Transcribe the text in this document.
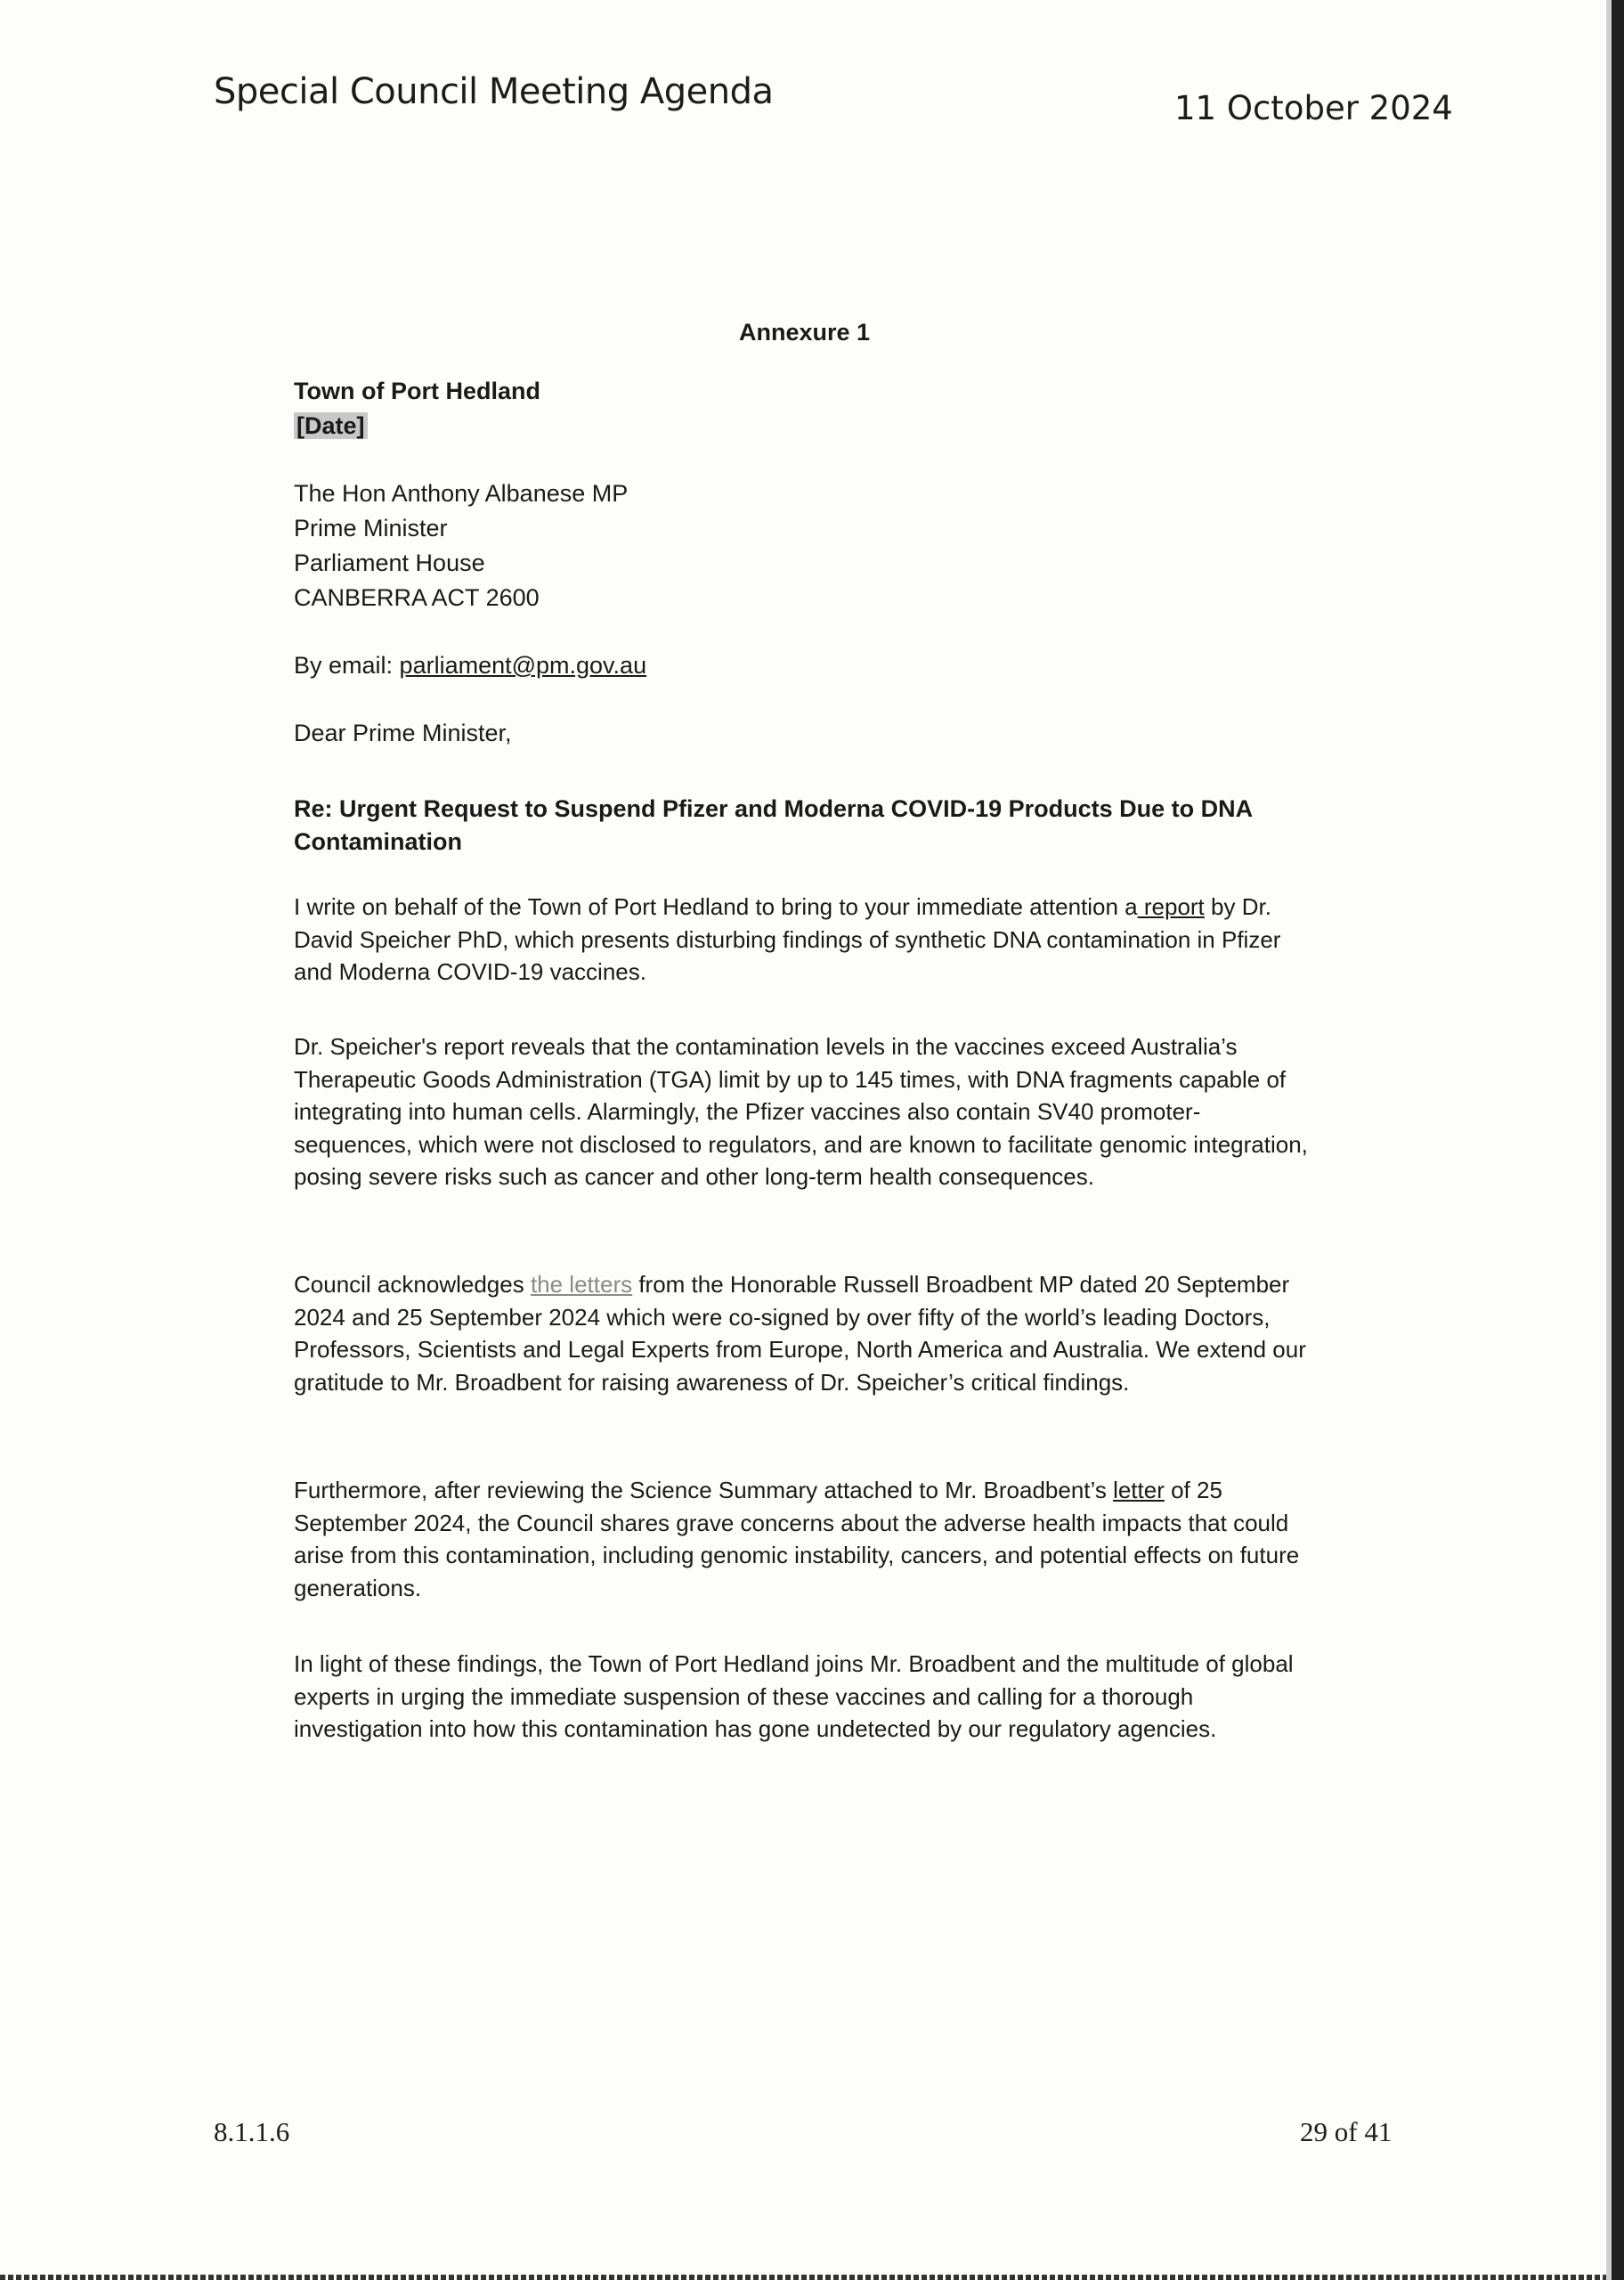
Special Council Meeting Agenda	11 October 2024
Annexure 1
Town of Port Hedland
[Date]
The Hon Anthony Albanese MP
Prime Minister
Parliament House
CANBERRA ACT 2600
By email: parliament@pm.gov.au
Dear Prime Minister,
Re: Urgent Request to Suspend Pfizer and Moderna COVID-19 Products Due to DNA Contamination

I write on behalf of the Town of Port Hedland to bring to your immediate attention a report by Dr. David Speicher PhD, which presents disturbing findings of synthetic DNA contamination in Pfizer and Moderna COVID-19 vaccines.

Dr. Speicher's report reveals that the contamination levels in the vaccines exceed Australia’s Therapeutic Goods Administration (TGA) limit by up to 145 times, with DNA fragments capable of integrating into human cells. Alarmingly, the Pfizer vaccines also contain SV40 promoter-sequences, which were not disclosed to regulators, and are known to facilitate genomic integration, posing severe risks such as cancer and other long-term health consequences.

Council acknowledges the letters from the Honorable Russell Broadbent MP dated 20 September 2024 and 25 September 2024 which were co-signed by over fifty of the world’s leading Doctors, Professors, Scientists and Legal Experts from Europe, North America and Australia. We extend our gratitude to Mr. Broadbent for raising awareness of Dr. Speicher’s critical findings.

Furthermore, after reviewing the Science Summary attached to Mr. Broadbent’s letter of 25 September 2024, the Council shares grave concerns about the adverse health impacts that could arise from this contamination, including genomic instability, cancers, and potential effects on future generations.

In light of these findings, the Town of Port Hedland joins Mr. Broadbent and the multitude of global experts in urging the immediate suspension of these vaccines and calling for a thorough investigation into how this contamination has gone undetected by our regulatory agencies.

8.1.1.6	29 of 41
